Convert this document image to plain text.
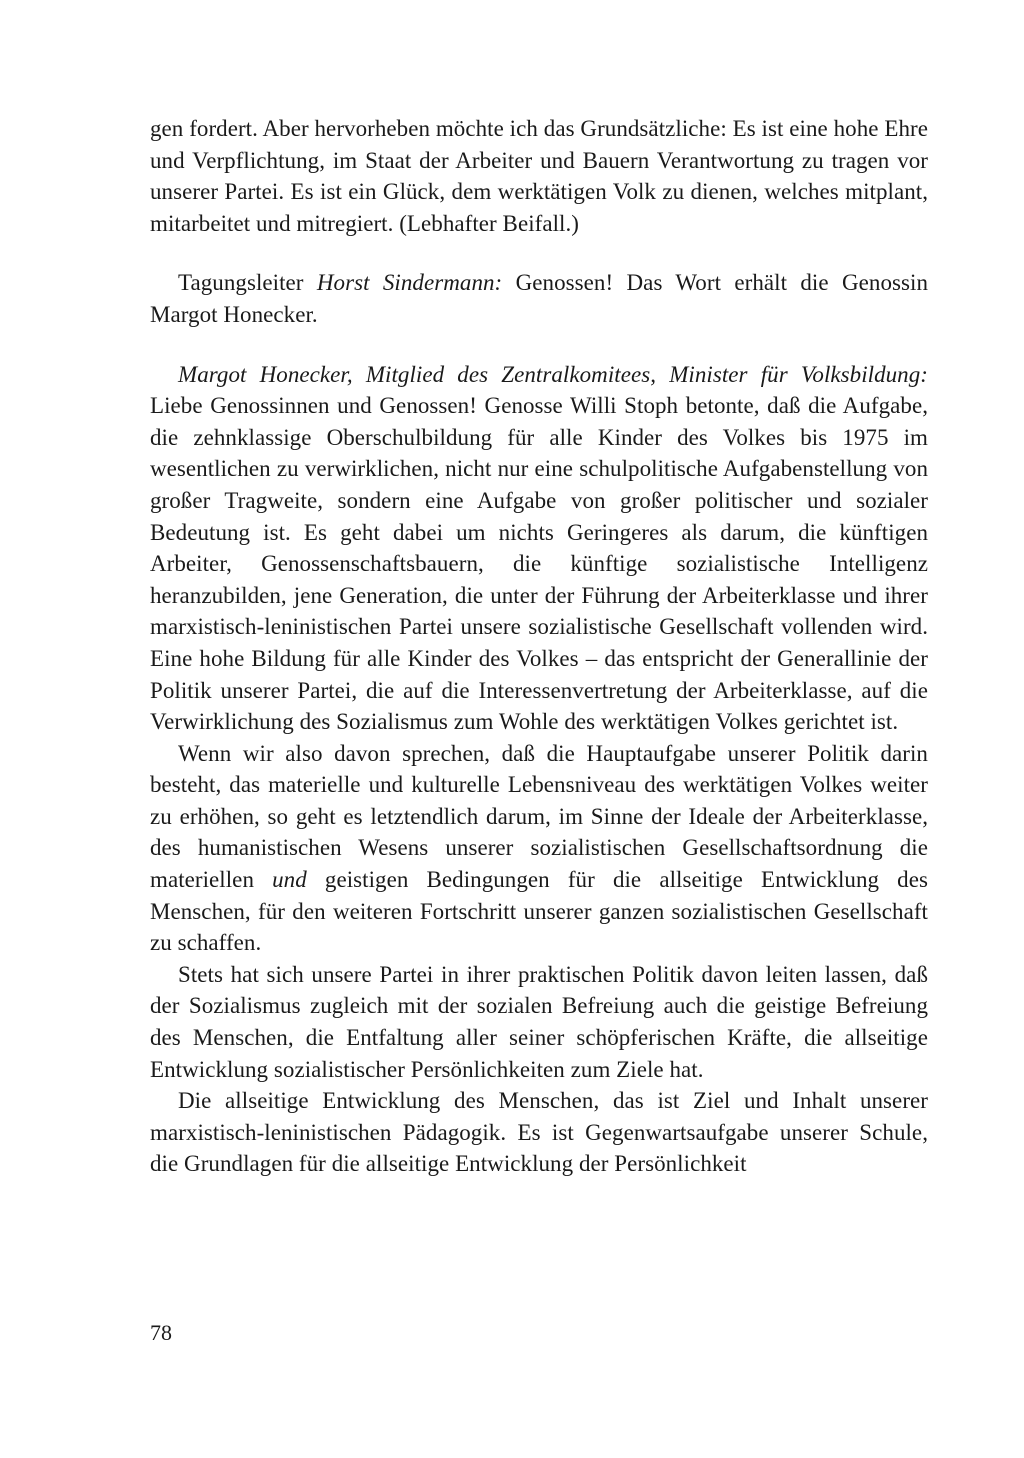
gen fordert. Aber hervorheben möchte ich das Grundsätzliche: Es ist eine hohe Ehre und Verpflichtung, im Staat der Arbeiter und Bauern Verantwortung zu tragen vor unserer Partei. Es ist ein Glück, dem werktätigen Volk zu dienen, welches mitplant, mitarbeitet und mitregiert. (Lebhafter Beifall.)

Tagungsleiter Horst Sindermann: Genossen! Das Wort erhält die Genossin Margot Honecker.

Margot Honecker, Mitglied des Zentralkomitees, Minister für Volksbildung: Liebe Genossinnen und Genossen! Genosse Willi Stoph betonte, daß die Aufgabe, die zehnklassige Oberschulbildung für alle Kinder des Volkes bis 1975 im wesentlichen zu verwirklichen, nicht nur eine schulpolitische Aufgabenstellung von großer Tragweite, sondern eine Aufgabe von großer politischer und sozialer Bedeutung ist. Es geht dabei um nichts Geringeres als darum, die künftigen Arbeiter, Genossenschaftsbauern, die künftige sozialistische Intelligenz heranzubilden, jene Generation, die unter der Führung der Arbeiterklasse und ihrer marxistisch-leninistischen Partei unsere sozialistische Gesellschaft vollenden wird. Eine hohe Bildung für alle Kinder des Volkes – das entspricht der Generallinie der Politik unserer Partei, die auf die Interessenvertretung der Arbeiterklasse, auf die Verwirklichung des Sozialismus zum Wohle des werktätigen Volkes gerichtet ist.

Wenn wir also davon sprechen, daß die Hauptaufgabe unserer Politik darin besteht, das materielle und kulturelle Lebensniveau des werktätigen Volkes weiter zu erhöhen, so geht es letztendlich darum, im Sinne der Ideale der Arbeiterklasse, des humanistischen Wesens unserer sozialistischen Gesellschaftsordnung die materiellen und geistigen Bedingungen für die allseitige Entwicklung des Menschen, für den weiteren Fortschritt unserer ganzen sozialistischen Gesellschaft zu schaffen.

Stets hat sich unsere Partei in ihrer praktischen Politik davon leiten lassen, daß der Sozialismus zugleich mit der sozialen Befreiung auch die geistige Befreiung des Menschen, die Entfaltung aller seiner schöpferischen Kräfte, die allseitige Entwicklung sozialistischer Persönlichkeiten zum Ziele hat.

Die allseitige Entwicklung des Menschen, das ist Ziel und Inhalt unserer marxistisch-leninistischen Pädagogik. Es ist Gegenwartsaufgabe unserer Schule, die Grundlagen für die allseitige Entwicklung der Persönlichkeit

78
